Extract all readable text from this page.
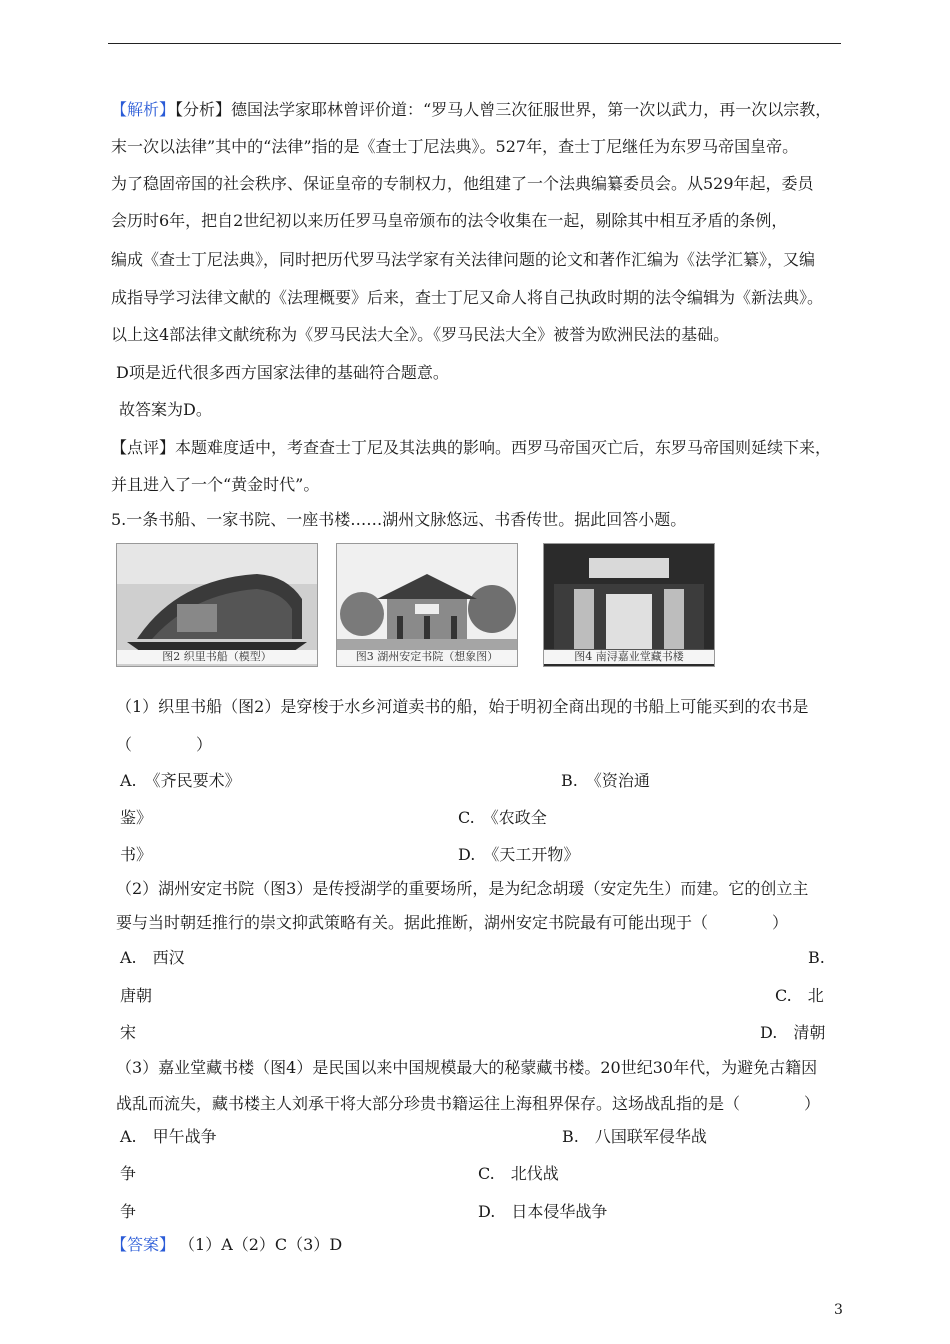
【解析】【分析】德国法学家耶林曾评价道：“罗马人曾三次征服世界，第一次以武力，再一次以宗教，
末一次以法律”其中的“法律”指的是《查士丁尼法典》。527年，查士丁尼继任为东罗马帝国皇帝。
为了稳固帝国的社会秩序、保证皇帝的专制权力，他组建了一个法典编纂委员会。从529年起，委员
会历时6年，把自2世纪初以来历任罗马皇帝颁布的法令收集在一起，剔除其中相互矛盾的条例，
编成《查士丁尼法典》，同时把历代罗马法学家有关法律问题的论文和著作汇编为《法学汇纂》，又编
成指导学习法律文献的《法理概要》后来，查士丁尼又命人将自己执政时期的法令编辑为《新法典》。
以上这4部法律文献统称为《罗马民法大全》。《罗马民法大全》被誉为欧洲民法的基础。
D项是近代很多西方国家法律的基础符合题意。
故答案为D。
【点评】本题难度适中，考查查士丁尼及其法典的影响。西罗马帝国灭亡后，东罗马帝国则延续下来，
并且进入了一个“黄金时代”。
5.一条书船、一家书院、一座书楼……湖州文脉悠远、书香传世。据此回答小题。
图2 织里书船（模型）	图3 湖州安定书院（想象图）	图4 南浔嘉业堂藏书楼
（1）织里书船（图2）是穿梭于水乡河道卖书的船，始于明初全商出现的书船上可能买到的农书是
（　　　　）
A.　《齐民要术》	B.　《资治通
鉴》	C.　《农政全
书》	D.　《天工开物》
（2）湖州安定书院（图3）是传授湖学的重要场所，是为纪念胡瑗（安定先生）而建。它的创立主
要与当时朝廷推行的崇文抑武策略有关。据此推断，湖州安定书院最有可能出现于（　　　　）
A.　西汉	B.
唐朝	C.　北
宋	D.　清朝
（3）嘉业堂藏书楼（图4）是民国以来中国规模最大的秘蒙藏书楼。20世纪30年代，为避免古籍因
战乱而流失，藏书楼主人刘承干将大部分珍贵书籍运往上海租界保存。这场战乱指的是（　　　　）
A.　甲午战争	B.　八国联军侵华战
争	C.　北伐战
争	D.　日本侵华战争
【答案】 （1）A（2）C（3）D
3
